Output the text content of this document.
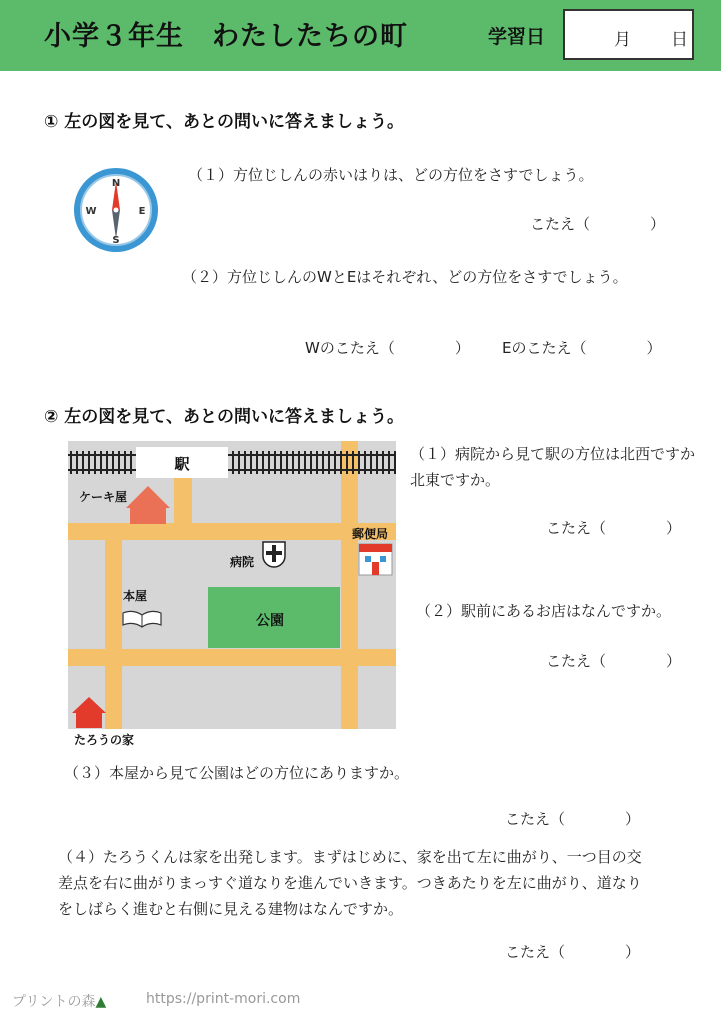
小学３年生　わたしたちの町	学習日	月 日
① 左の図を見て、あとの問いに答えましょう。
N
S
W	E
（１）方位じしんの赤いはりは、どの方位をさすでしょう。
こたえ（　　　　）
（２）方位じしんのWとEはそれぞれ、どの方位をさすでしょう。
Wのこたえ（　　　　） Eのこたえ（　　　　）
② 左の図を見て、あとの問いに答えましょう。
駅
ケーキ屋
郵便局
病院
本屋
公園
たろうの家
（１）病院から見て駅の方位は北西ですか北東ですか。
こたえ（　　　　）
（２）駅前にあるお店はなんですか。
こたえ（　　　　）
（３）本屋から見て公園はどの方位にありますか。
こたえ（　　　　）
（４）たろうくんは家を出発します。まずはじめに、家を出て左に曲がり、一つ目の交差点を右に曲がりまっすぐ道なりを進んでいきます。つきあたりを左に曲がり、道なりをしばらく進むと右側に見える建物はなんですか。
こたえ（　　　　）
プリントの森▲	https://print-mori.com
